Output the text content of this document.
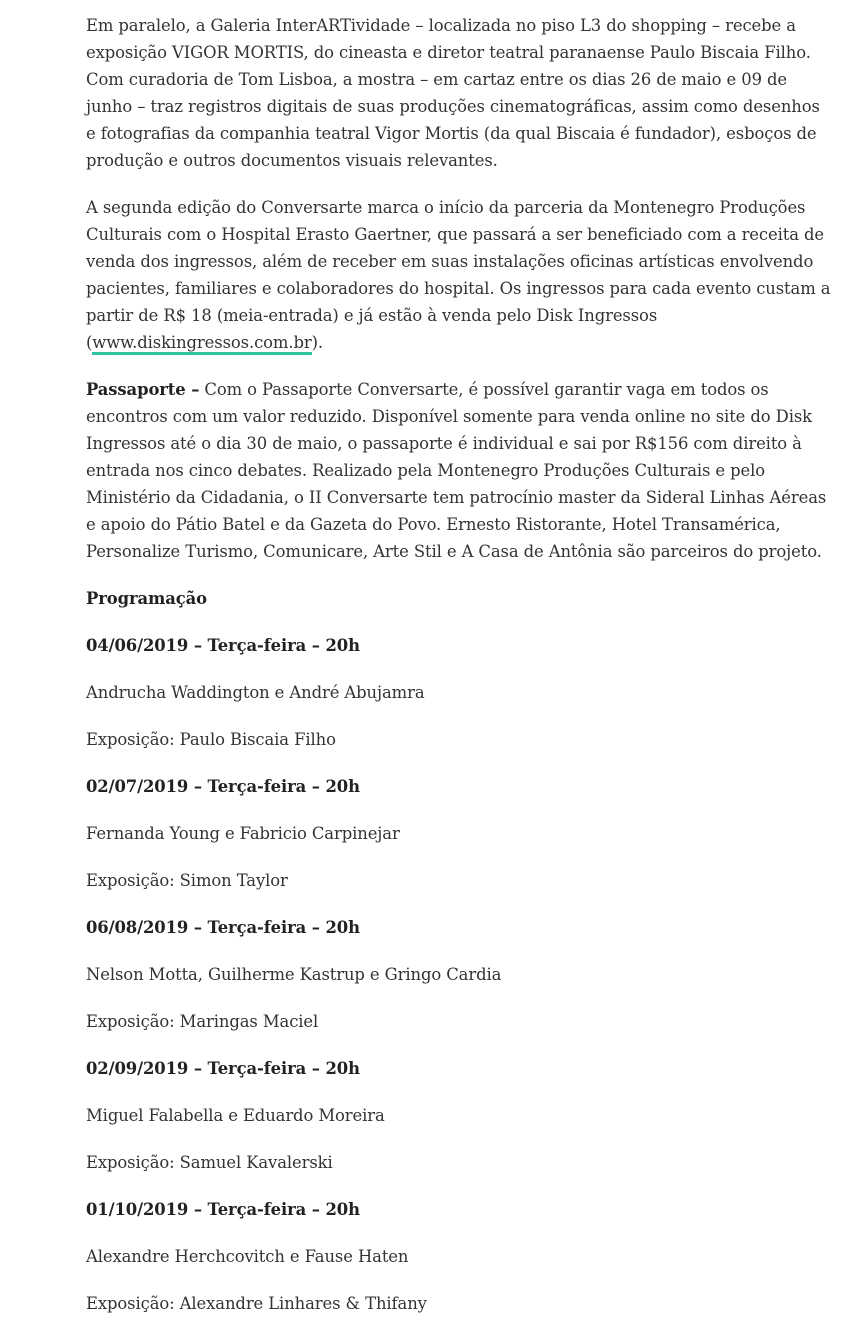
Em paralelo, a Galeria InterARTividade – localizada no piso L3 do shopping – recebe a exposição VIGOR MORTIS, do cineasta e diretor teatral paranaense Paulo Biscaia Filho. Com curadoria de Tom Lisboa, a mostra – em cartaz entre os dias 26 de maio e 09 de junho – traz registros digitais de suas produções cinematográficas, assim como desenhos e fotografias da companhia teatral Vigor Mortis (da qual Biscaia é fundador), esboços de produção e outros documentos visuais relevantes.

A segunda edição do Conversarte marca o início da parceria da Montenegro Produções Culturais com o Hospital Erasto Gaertner, que passará a ser beneficiado com a receita de venda dos ingressos, além de receber em suas instalações oficinas artísticas envolvendo pacientes, familiares e colaboradores do hospital. Os ingressos para cada evento custam a partir de R$ 18 (meia-entrada) e já estão à venda pelo Disk Ingressos (www.diskingressos.com.br).

Passaporte – Com o Passaporte Conversarte, é possível garantir vaga em todos os encontros com um valor reduzido. Disponível somente para venda online no site do Disk Ingressos até o dia 30 de maio, o passaporte é individual e sai por R$156 com direito à entrada nos cinco debates. Realizado pela Montenegro Produções Culturais e pelo Ministério da Cidadania, o II Conversarte tem patrocínio master da Sideral Linhas Aéreas e apoio do Pátio Batel e da Gazeta do Povo. Ernesto Ristorante, Hotel Transamérica, Personalize Turismo, Comunicare, Arte Stil e A Casa de Antônia são parceiros do projeto.

Programação

04/06/2019 – Terça-feira – 20h

Andrucha Waddington e André Abujamra

Exposição: Paulo Biscaia Filho

02/07/2019 – Terça-feira – 20h

Fernanda Young e Fabricio Carpinejar

Exposição: Simon Taylor

06/08/2019 – Terça-feira – 20h

Nelson Motta, Guilherme Kastrup e Gringo Cardia

Exposição: Maringas Maciel

02/09/2019 – Terça-feira – 20h

Miguel Falabella e Eduardo Moreira

Exposição: Samuel Kavalerski

01/10/2019 – Terça-feira – 20h

Alexandre Herchcovitch e Fause Haten

Exposição: Alexandre Linhares & Thifany
